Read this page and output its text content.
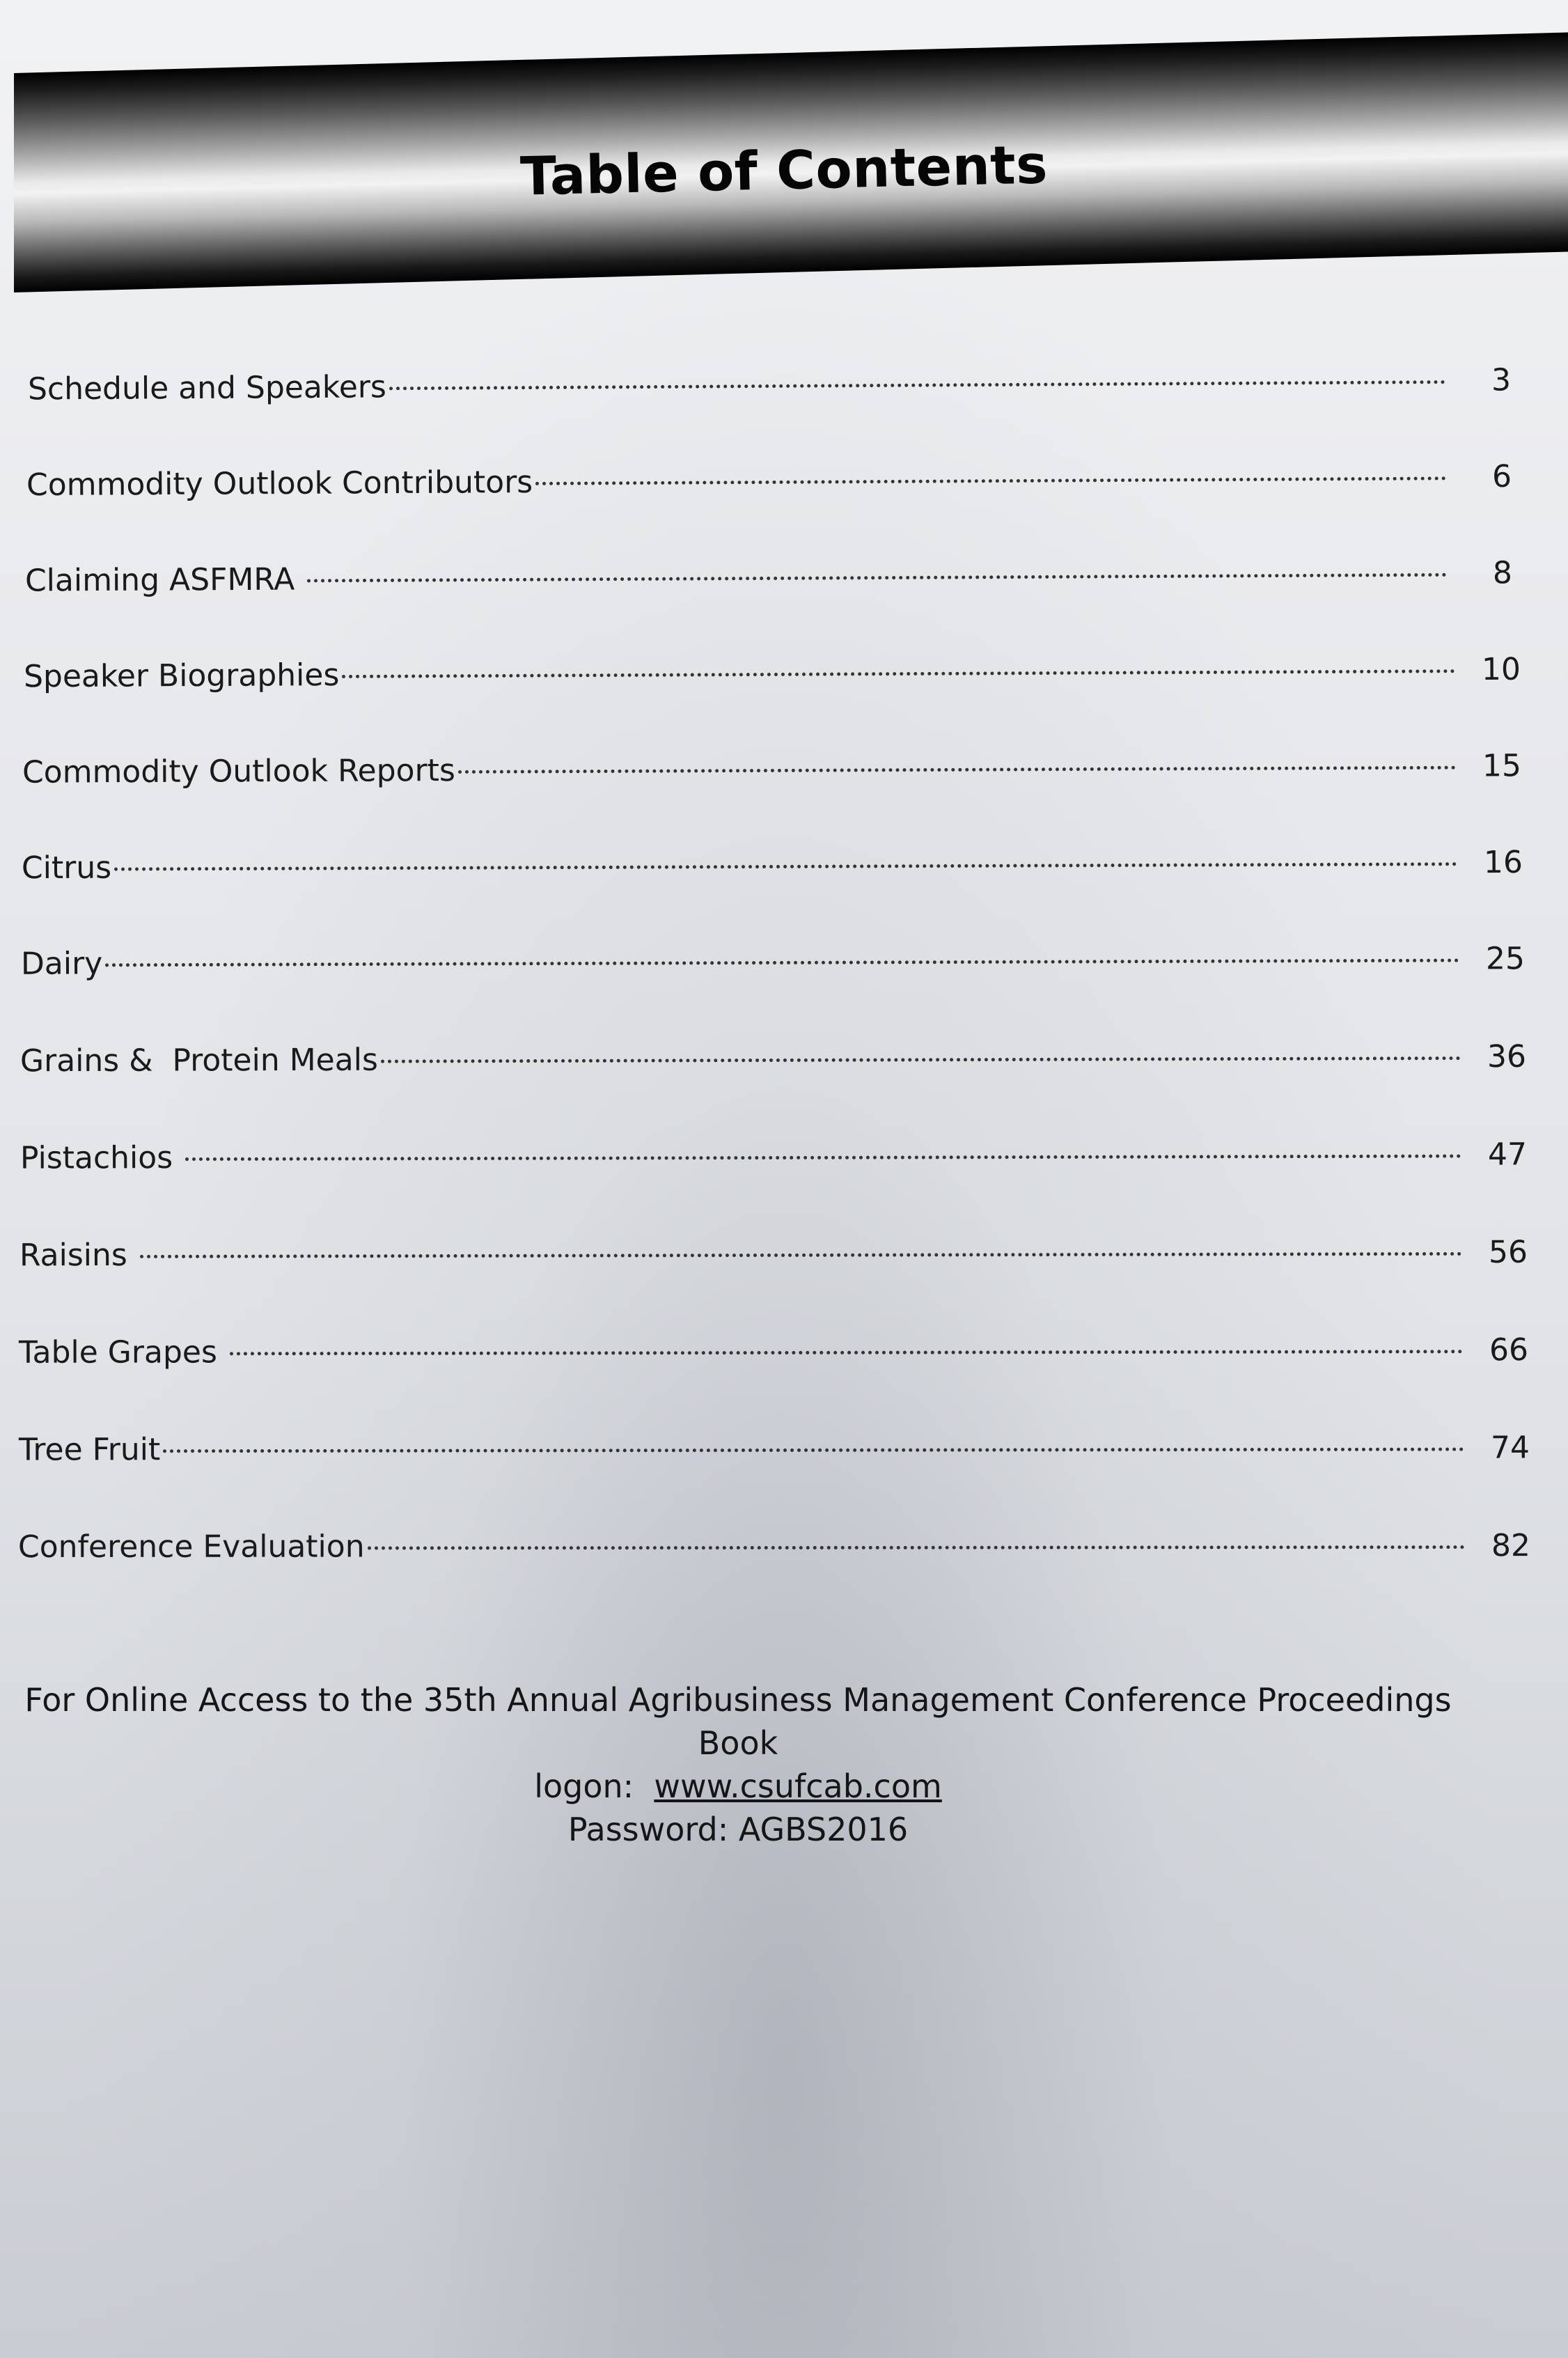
Table of Contents
Schedule and Speakers	3
Commodity Outlook Contributors	6
Claiming ASFMRA	8
Speaker Biographies	10
Commodity Outlook Reports	15
Citrus	16
Dairy	25
Grains &  Protein Meals	36
Pistachios	47
Raisins	56
Table Grapes	66
Tree Fruit	74
Conference Evaluation	82
For Online Access to the 35th Annual Agribusiness Management Conference Proceedings Book
logon:  www.csufcab.com
Password: AGBS2016
